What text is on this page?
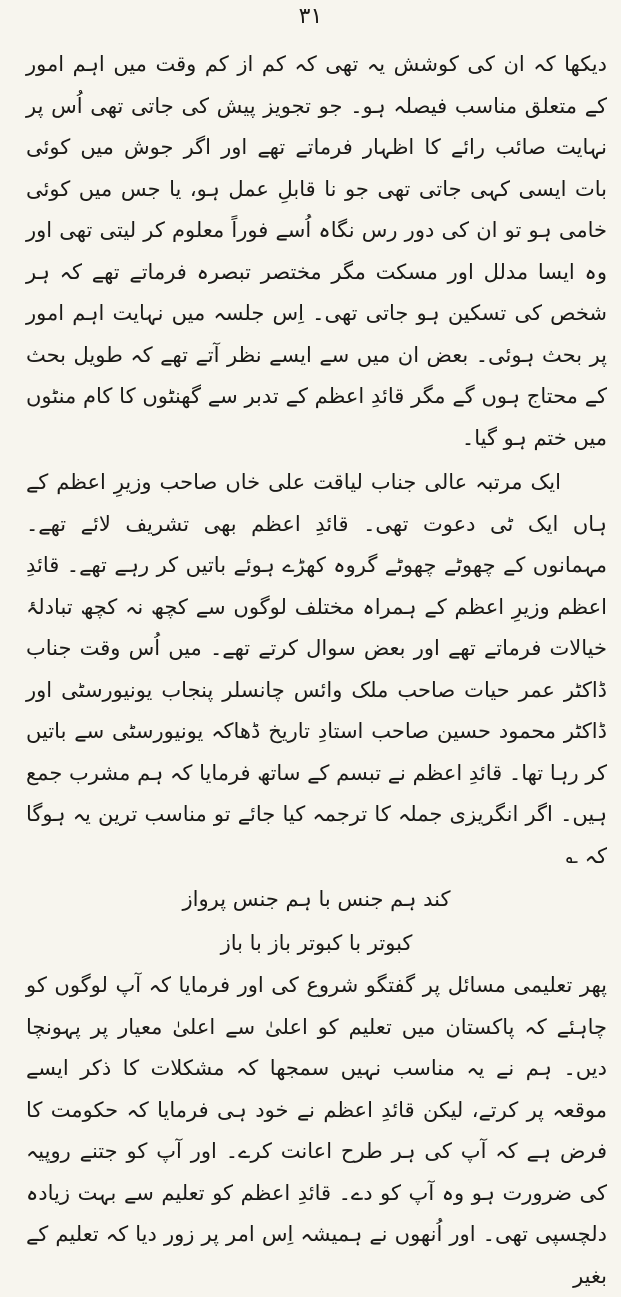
۳۱

دیکھا کہ ان کی کوشش یہ تھی کہ کم از کم وقت میں اہم امور کے متعلق مناسب فیصلہ ہو۔ جو تجویز پیش کی جاتی تھی اُس پر نہایت صائب رائے کا اظہار فرماتے تھے اور اگر جوش میں کوئی بات ایسی کہی جاتی تھی جو نا قابلِ عمل ہو، یا جس میں کوئی خامی ہو تو ان کی دور رس نگاہ اُسے فوراً معلوم کر لیتی تھی اور وہ ایسا مدلل اور مسکت مگر مختصر تبصرہ فرماتے تھے کہ ہر شخص کی تسکین ہو جاتی تھی۔ اِس جلسہ میں نہایت اہم امور پر بحث ہوئی۔ بعض ان میں سے ایسے نظر آتے تھے کہ طویل بحث کے محتاج ہوں گے مگر قائدِ اعظم کے تدبر سے گھنٹوں کا کام منٹوں میں ختم ہو گیا۔

ایک مرتبہ عالی جناب لیاقت علی خاں صاحب وزیرِ اعظم کے ہاں ایک ٹی دعوت تھی۔ قائدِ اعظم بھی تشریف لائے تھے۔ مہمانوں کے چھوٹے چھوٹے گروہ کھڑے ہوئے باتیں کر رہے تھے۔ قائدِ اعظم وزیرِ اعظم کے ہمراہ مختلف لوگوں سے کچھ نہ کچھ تبادلۂ خیالات فرماتے تھے اور بعض سوال کرتے تھے۔ میں اُس وقت جناب ڈاکٹر عمر حیات صاحب ملک وائس چانسلر پنجاب یونیورسٹی اور ڈاکٹر محمود حسین صاحب استادِ تاریخ ڈھاکہ یونیورسٹی سے باتیں کر رہا تھا۔ قائدِ اعظم نے تبسم کے ساتھ فرمایا کہ ہم مشرب جمع ہیں۔ اگر انگریزی جملہ کا ترجمہ کیا جائے تو مناسب ترین یہ ہوگا کہ ؎

کند ہم جنس با ہم جنس پرواز
کبوتر با کبوتر باز با باز

پھر تعلیمی مسائل پر گفتگو شروع کی اور فرمایا کہ آپ لوگوں کو چاہئے کہ پاکستان میں تعلیم کو اعلیٰ سے اعلیٰ معیار پر پہونچا دیں۔ ہم نے یہ مناسب نہیں سمجھا کہ مشکلات کا ذکر ایسے موقعہ پر کرتے، لیکن قائدِ اعظم نے خود ہی فرمایا کہ حکومت کا فرض ہے کہ آپ کی ہر طرح اعانت کرے۔ اور آپ کو جتنے روپیہ کی ضرورت ہو وہ آپ کو دے۔ قائدِ اعظم کو تعلیم سے بہت زیادہ دلچسپی تھی۔ اور اُنھوں نے ہمیشہ اِس امر پر زور دیا کہ تعلیم کے بغیر
